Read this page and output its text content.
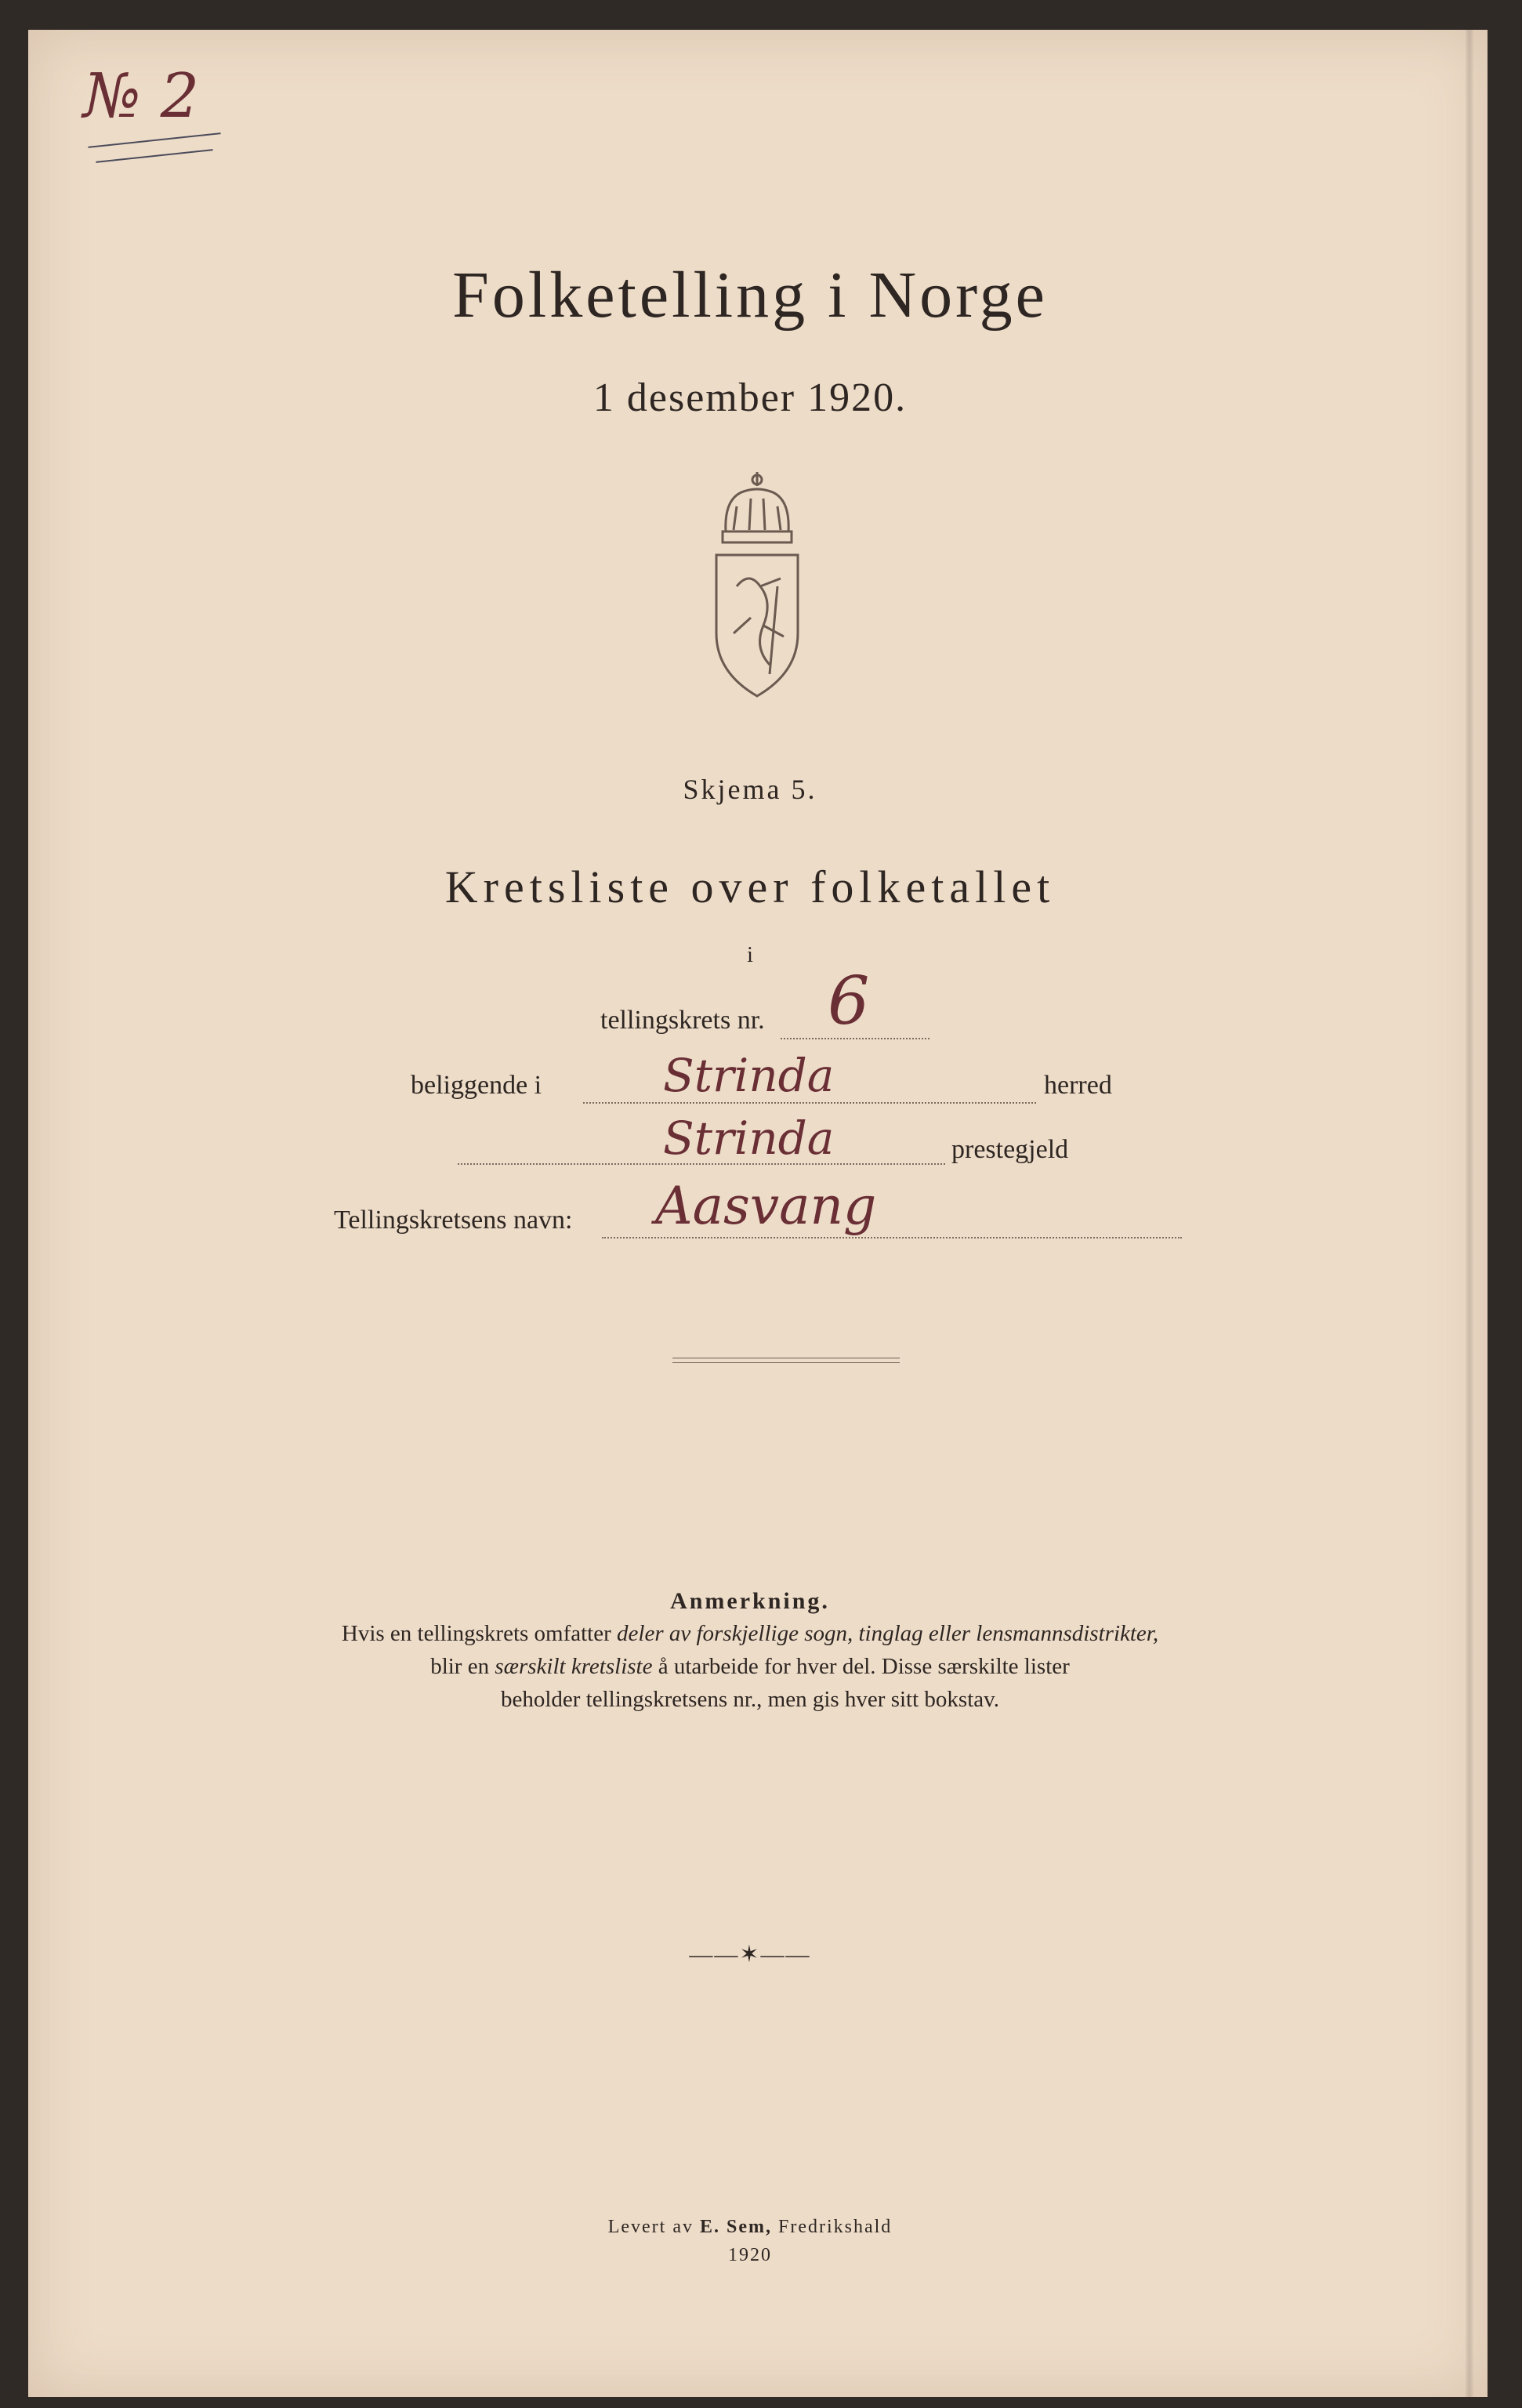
№ 2
Folketelling i Norge
1 desember 1920.
Skjema 5.
Kretsliste over folketallet
i
tellingskrets nr. 6
beliggende i	Strinda	herred
Strinda	prestegjeld
Tellingskretsens navn: Aasvang
Anmerkning.
Hvis en tellingskrets omfatter deler av forskjellige sogn, tinglag eller lensmannsdistrikter,
blir en særskilt kretsliste å utarbeide for hver del. Disse særskilte lister
beholder tellingskretsens nr., men gis hver sitt bokstav.
——✶——
Levert av E. Sem, Fredrikshald
1920
